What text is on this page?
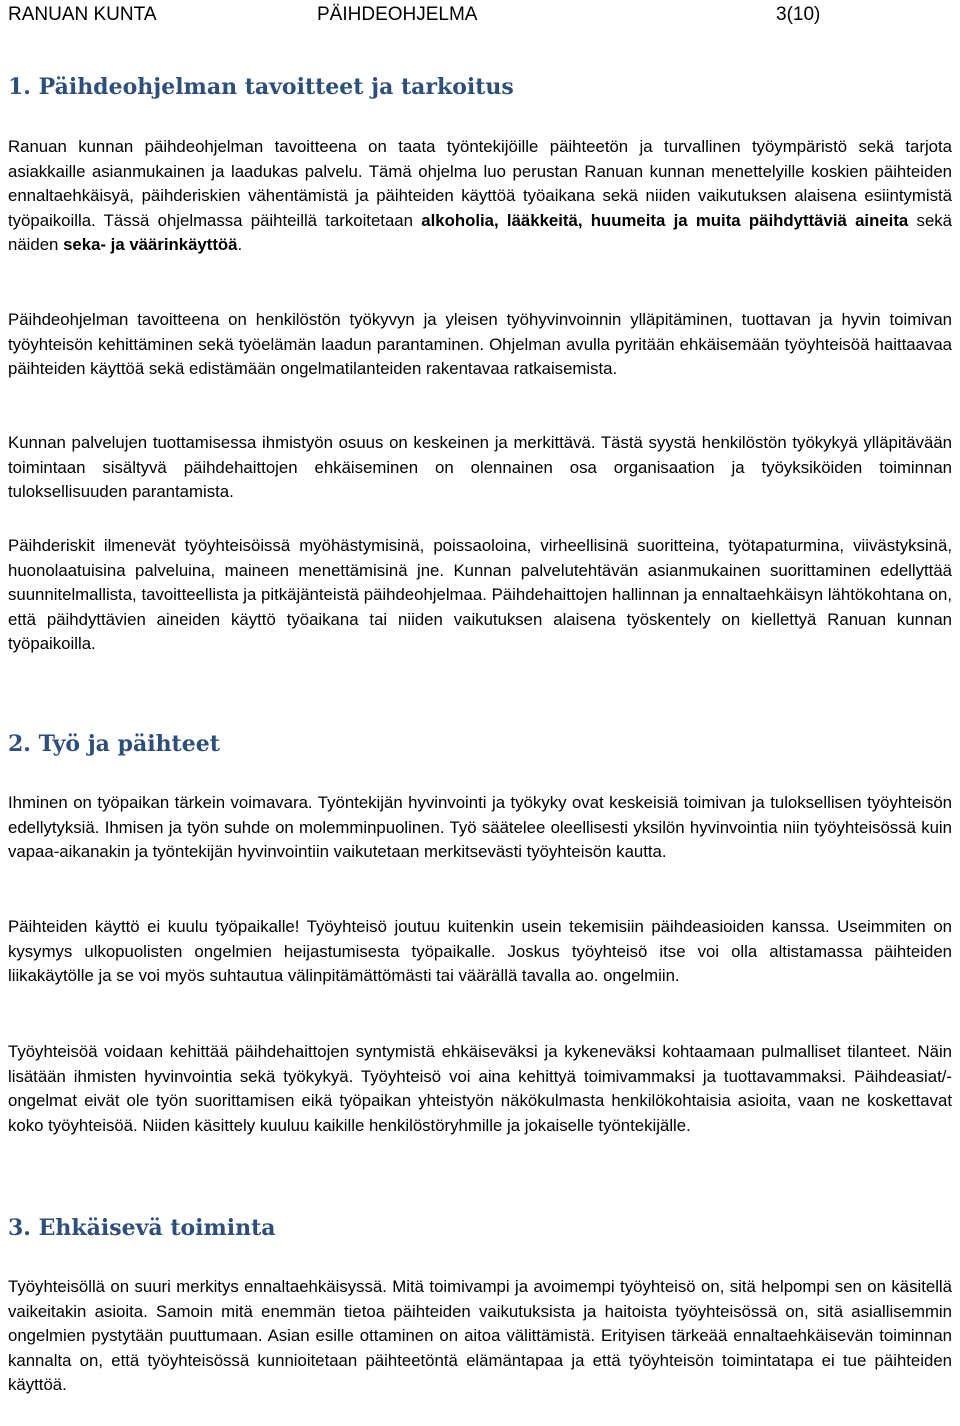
RANUAN KUNTA	PÄIHDEOHJELMA	3(10)
1. Päihdeohjelman tavoitteet ja tarkoitus

Ranuan kunnan päihdeohjelman tavoitteena on taata työntekijöille päihteetön ja turvallinen työympäristö sekä tarjota asiakkaille asianmukainen ja laadukas palvelu. Tämä ohjelma luo perustan Ranuan kunnan menettelyille koskien päihteiden ennaltaehkäisyä, päihderiskien vähentämistä ja päihteiden käyttöä työaikana sekä niiden vaikutuksen alaisena esiintymistä työpaikoilla. Tässä ohjelmassa päihteillä tarkoitetaan alkoholia, lääkkeitä, huumeita ja muita päihdyttäviä aineita sekä näiden seka- ja väärinkäyttöä.

Päihdeohjelman tavoitteena on henkilöstön työkyvyn ja yleisen työhyvinvoinnin ylläpitäminen, tuottavan ja hyvin toimivan työyhteisön kehittäminen sekä työelämän laadun parantaminen. Ohjelman avulla pyritään ehkäisemään työyhteisöä haittaavaa päihteiden käyttöä sekä edistämään ongelmatilanteiden rakentavaa ratkaisemista.

Kunnan palvelujen tuottamisessa ihmistyön osuus on keskeinen ja merkittävä. Tästä syystä henkilöstön työkykyä ylläpitävään toimintaan sisältyvä päihdehaittojen ehkäiseminen on olennainen osa organisaation ja työyksiköiden toiminnan tuloksellisuuden parantamista.

Päihderiskit ilmenevät työyhteisöissä myöhästymisinä, poissaoloina, virheellisinä suoritteina, työtapaturmina, viivästyksinä, huonolaatuisina palveluina, maineen menettämisinä jne. Kunnan palvelutehtävän asianmukainen suorittaminen edellyttää suunnitelmallista, tavoitteellista ja pitkäjänteistä päihdeohjelmaa. Päihdehaittojen hallinnan ja ennaltaehkäisyn lähtökohtana on, että päihdyttävien aineiden käyttö työaikana tai niiden vaikutuksen alaisena työskentely on kiellettyä Ranuan kunnan työpaikoilla.

2. Työ ja päihteet

Ihminen on työpaikan tärkein voimavara. Työntekijän hyvinvointi ja työkyky ovat keskeisiä toimivan ja tuloksellisen työyhteisön edellytyksiä. Ihmisen ja työn suhde on molemminpuolinen. Työ säätelee oleellisesti yksilön hyvinvointia niin työyhteisössä kuin vapaa-aikanakin ja työntekijän hyvinvointiin vaikutetaan merkitsevästi työyhteisön kautta.

Päihteiden käyttö ei kuulu työpaikalle! Työyhteisö joutuu kuitenkin usein tekemisiin päihdeasioiden kanssa. Useimmiten on kysymys ulkopuolisten ongelmien heijastumisesta työpaikalle. Joskus työyhteisö itse voi olla altistamassa päihteiden liikakäytölle ja se voi myös suhtautua välinpitämättömästi tai väärällä tavalla ao. ongelmiin.

Työyhteisöä voidaan kehittää päihdehaittojen syntymistä ehkäiseväksi ja kykeneväksi kohtaamaan pulmalliset tilanteet. Näin lisätään ihmisten hyvinvointia sekä työkykyä. Työyhteisö voi aina kehittyä toimivammaksi ja tuottavammaksi. Päihdeasiat/-ongelmat eivät ole työn suorittamisen eikä työpaikan yhteistyön näkökulmasta henkilökohtaisia asioita, vaan ne koskettavat koko työyhteisöä. Niiden käsittely kuuluu kaikille henkilöstöryhmille ja jokaiselle työntekijälle.

3. Ehkäisevä toiminta

Työyhteisöllä on suuri merkitys ennaltaehkäisyssä. Mitä toimivampi ja avoimempi työyhteisö on, sitä helpompi sen on käsitellä vaikeitakin asioita. Samoin mitä enemmän tietoa päihteiden vaikutuksista ja haitoista työyhteisössä on, sitä asiallisemmin ongelmien pystytään puuttumaan. Asian esille ottaminen on aitoa välittämistä. Erityisen tärkeää ennaltaehkäisevän toiminnan kannalta on, että työyhteisössä kunnioitetaan päihteetöntä elämäntapaa ja että työyhteisön toimintatapa ei tue päihteiden käyttöä.
